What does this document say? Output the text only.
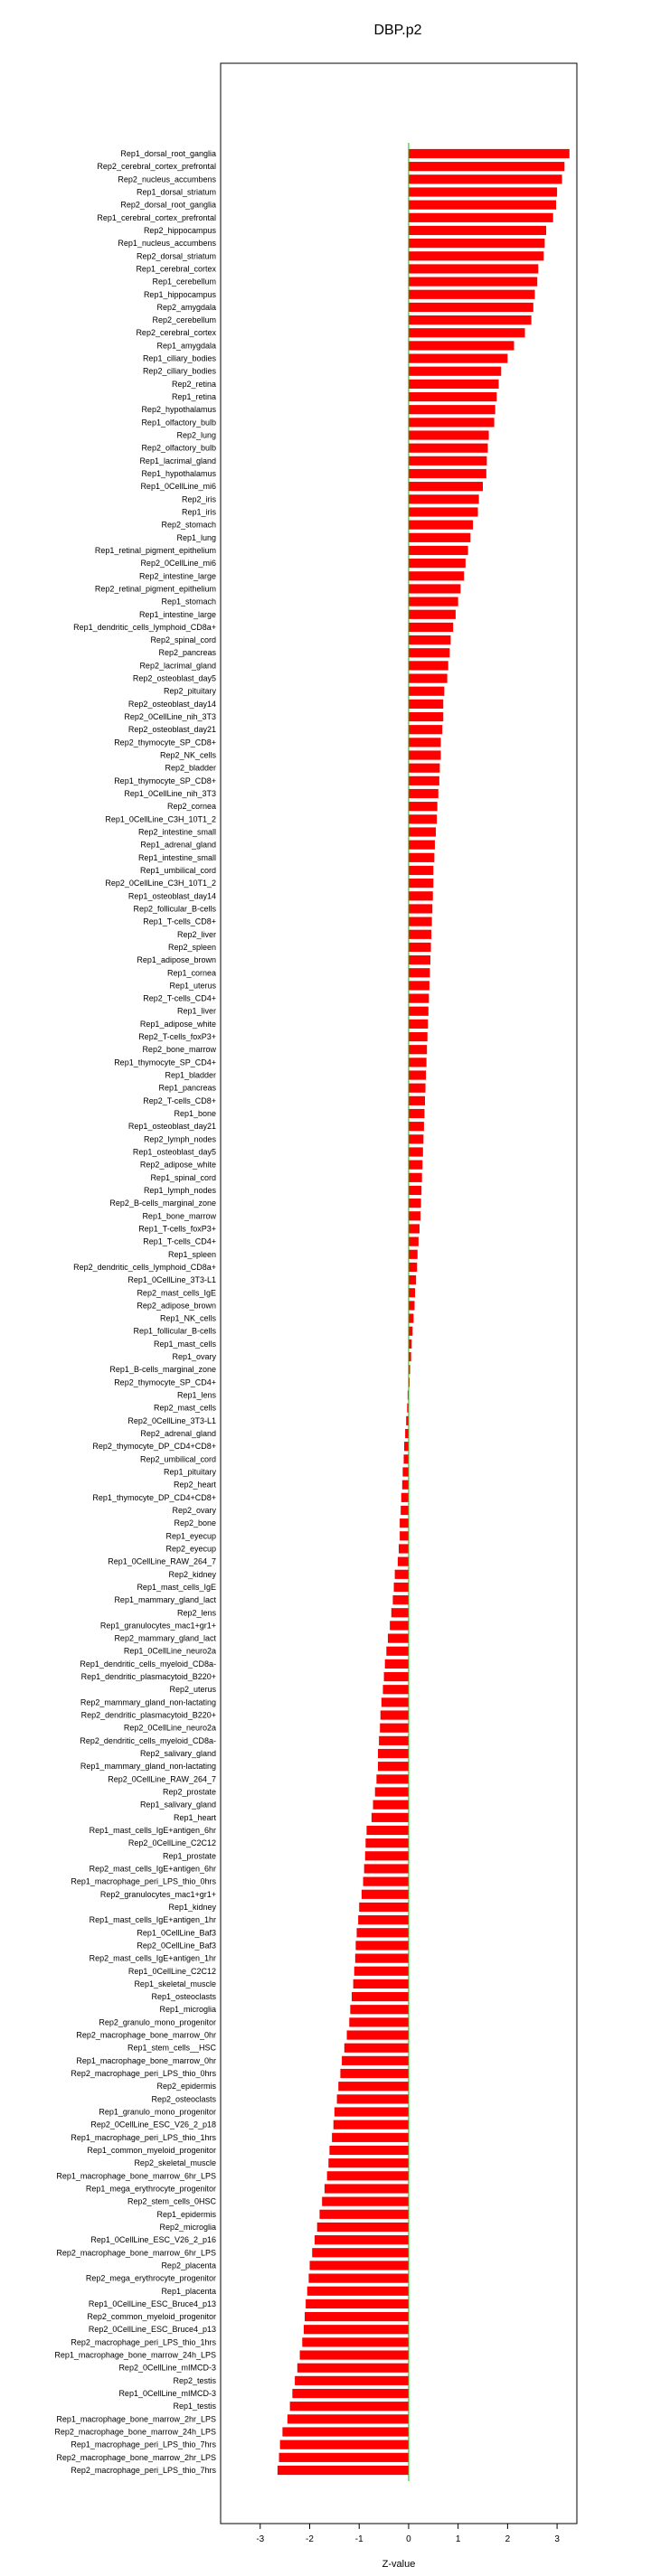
DBP.p2
Rep1_dorsal_root_ganglia
Rep2_cerebral_cortex_prefrontal
Rep2_nucleus_accumbens
Rep1_dorsal_striatum
Rep2_dorsal_root_ganglia
Rep1_cerebral_cortex_prefrontal
Rep2_hippocampus
Rep1_nucleus_accumbens
Rep2_dorsal_striatum
Rep1_cerebral_cortex
Rep1_cerebellum
Rep1_hippocampus
Rep2_amygdala
Rep2_cerebellum
Rep2_cerebral_cortex
Rep1_amygdala
Rep1_ciliary_bodies
Rep2_ciliary_bodies
Rep2_retina
Rep1_retina
Rep2_hypothalamus
Rep1_olfactory_bulb
Rep2_lung
Rep2_olfactory_bulb
Rep1_lacrimal_gland
Rep1_hypothalamus
Rep1_0CellLine_mi6
Rep2_iris
Rep1_iris
Rep2_stomach
Rep1_lung
Rep1_retinal_pigment_epithelium
Rep2_0CellLine_mi6
Rep2_intestine_large
Rep2_retinal_pigment_epithelium
Rep1_stomach
Rep1_intestine_large
Rep1_dendritic_cells_lymphoid_CD8a+
Rep2_spinal_cord
Rep2_pancreas
Rep2_lacrimal_gland
Rep2_osteoblast_day5
Rep2_pituitary
Rep2_osteoblast_day14
Rep2_0CellLine_nih_3T3
Rep2_osteoblast_day21
Rep2_thymocyte_SP_CD8+
Rep2_NK_cells
Rep2_bladder
Rep1_thymocyte_SP_CD8+
Rep1_0CellLine_nih_3T3
Rep2_cornea
Rep1_0CellLine_C3H_10T1_2
Rep2_intestine_small
Rep1_adrenal_gland
Rep1_intestine_small
Rep1_umbilical_cord
Rep2_0CellLine_C3H_10T1_2
Rep1_osteoblast_day14
Rep2_follicular_B-cells
Rep1_T-cells_CD8+
Rep2_liver
Rep2_spleen
Rep1_adipose_brown
Rep1_cornea
Rep1_uterus
Rep2_T-cells_CD4+
Rep1_liver
Rep1_adipose_white
Rep2_T-cells_foxP3+
Rep2_bone_marrow
Rep1_thymocyte_SP_CD4+
Rep1_bladder
Rep1_pancreas
Rep2_T-cells_CD8+
Rep1_bone
Rep1_osteoblast_day21
Rep2_lymph_nodes
Rep1_osteoblast_day5
Rep2_adipose_white
Rep1_spinal_cord
Rep1_lymph_nodes
Rep2_B-cells_marginal_zone
Rep1_bone_marrow
Rep1_T-cells_foxP3+
Rep1_T-cells_CD4+
Rep1_spleen
Rep2_dendritic_cells_lymphoid_CD8a+
Rep1_0CellLine_3T3-L1
Rep2_mast_cells_IgE
Rep2_adipose_brown
Rep1_NK_cells
Rep1_follicular_B-cells
Rep1_mast_cells
Rep1_ovary
Rep1_B-cells_marginal_zone
Rep2_thymocyte_SP_CD4+
Rep1_lens
Rep2_mast_cells
Rep2_0CellLine_3T3-L1
Rep2_adrenal_gland
Rep2_thymocyte_DP_CD4+CD8+
Rep2_umbilical_cord
Rep1_pituitary
Rep2_heart
Rep1_thymocyte_DP_CD4+CD8+
Rep2_ovary
Rep2_bone
Rep1_eyecup
Rep2_eyecup
Rep1_0CellLine_RAW_264_7
Rep2_kidney
Rep1_mast_cells_IgE
Rep1_mammary_gland_lact
Rep2_lens
Rep1_granulocytes_mac1+gr1+
Rep2_mammary_gland_lact
Rep1_0CellLine_neuro2a
Rep1_dendritic_cells_myeloid_CD8a-
Rep1_dendritic_plasmacytoid_B220+
Rep2_uterus
Rep2_mammary_gland_non-lactating
Rep2_dendritic_plasmacytoid_B220+
Rep2_0CellLine_neuro2a
Rep2_dendritic_cells_myeloid_CD8a-
Rep2_salivary_gland
Rep1_mammary_gland_non-lactating
Rep2_0CellLine_RAW_264_7
Rep2_prostate
Rep1_salivary_gland
Rep1_heart
Rep1_mast_cells_IgE+antigen_6hr
Rep2_0CellLine_C2C12
Rep1_prostate
Rep2_mast_cells_IgE+antigen_6hr
Rep1_macrophage_peri_LPS_thio_0hrs
Rep2_granulocytes_mac1+gr1+
Rep1_kidney
Rep1_mast_cells_IgE+antigen_1hr
Rep1_0CellLine_Baf3
Rep2_0CellLine_Baf3
Rep2_mast_cells_IgE+antigen_1hr
Rep1_0CellLine_C2C12
Rep1_skeletal_muscle
Rep1_osteoclasts
Rep1_microglia
Rep2_granulo_mono_progenitor
Rep2_macrophage_bone_marrow_0hr
Rep1_stem_cells__HSC
Rep1_macrophage_bone_marrow_0hr
Rep2_macrophage_peri_LPS_thio_0hrs
Rep2_epidermis
Rep2_osteoclasts
Rep1_granulo_mono_progenitor
Rep2_0CellLine_ESC_V26_2_p18
Rep1_macrophage_peri_LPS_thio_1hrs
Rep1_common_myeloid_progenitor
Rep2_skeletal_muscle
Rep1_macrophage_bone_marrow_6hr_LPS
Rep1_mega_erythrocyte_progenitor
Rep2_stem_cells_0HSC
Rep1_epidermis
Rep2_microglia
Rep1_0CellLine_ESC_V26_2_p16
Rep2_macrophage_bone_marrow_6hr_LPS
Rep2_placenta
Rep2_mega_erythrocyte_progenitor
Rep1_placenta
Rep1_0CellLine_ESC_Bruce4_p13
Rep2_common_myeloid_progenitor
Rep2_0CellLine_ESC_Bruce4_p13
Rep2_macrophage_peri_LPS_thio_1hrs
Rep1_macrophage_bone_marrow_24h_LPS
Rep2_0CellLine_mIMCD-3
Rep2_testis
Rep1_0CellLine_mIMCD-3
Rep1_testis
Rep1_macrophage_bone_marrow_2hr_LPS
Rep2_macrophage_bone_marrow_24h_LPS
Rep1_macrophage_peri_LPS_thio_7hrs
Rep2_macrophage_bone_marrow_2hr_LPS
Rep2_macrophage_peri_LPS_thio_7hrs
-3	-2	-1	0	1	2	3
Z-value
